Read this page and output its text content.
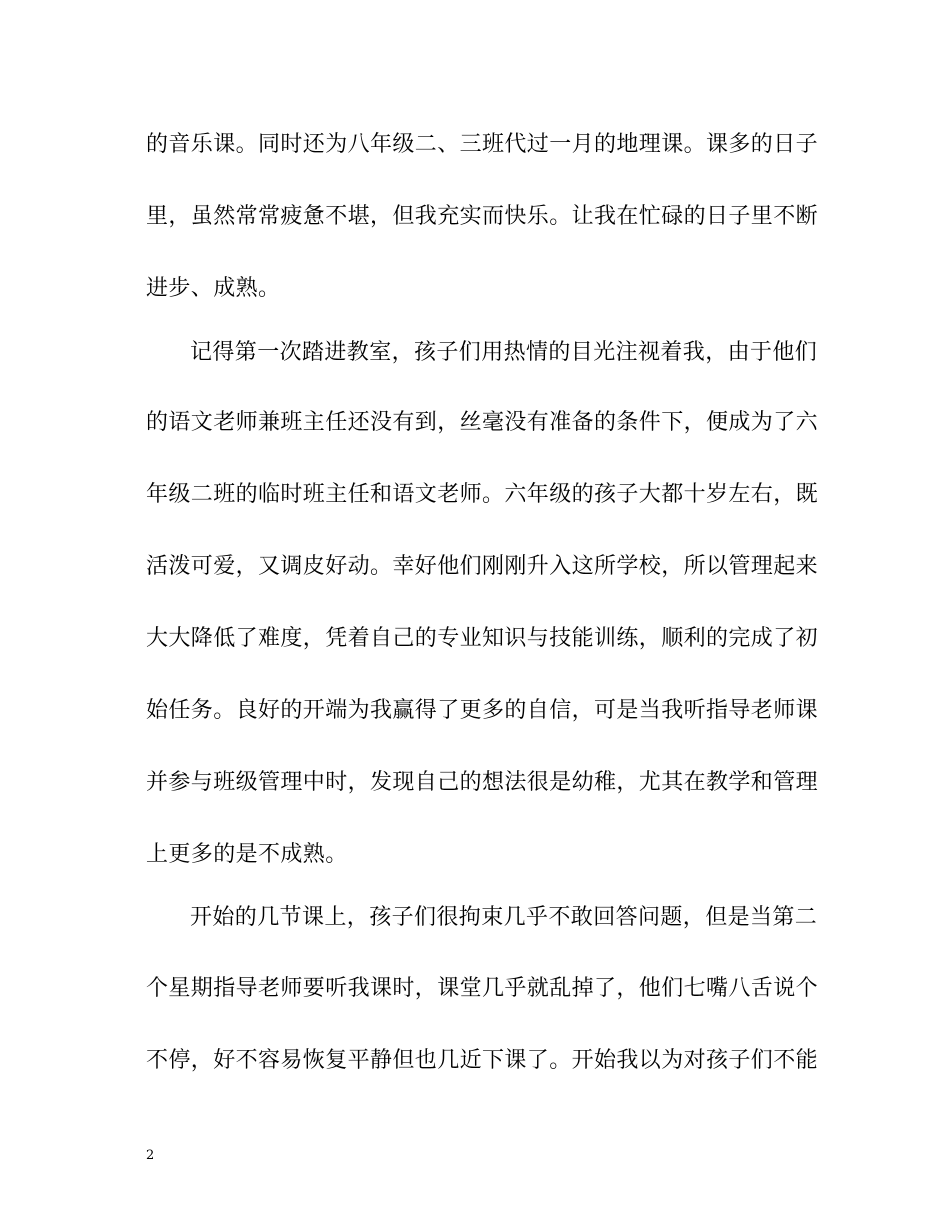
的音乐课。同时还为八年级二、三班代过一月的地理课。课多的日子
里，虽然常常疲惫不堪，但我充实而快乐。让我在忙碌的日子里不断
进步、成熟。
记得第一次踏进教室，孩子们用热情的目光注视着我，由于他们
的语文老师兼班主任还没有到，丝毫没有准备的条件下，便成为了六
年级二班的临时班主任和语文老师。六年级的孩子大都十岁左右，既
活泼可爱，又调皮好动。幸好他们刚刚升入这所学校，所以管理起来
大大降低了难度，凭着自己的专业知识与技能训练，顺利的完成了初
始任务。良好的开端为我赢得了更多的自信，可是当我听指导老师课
并参与班级管理中时，发现自己的想法很是幼稚，尤其在教学和管理
上更多的是不成熟。
开始的几节课上，孩子们很拘束几乎不敢回答问题，但是当第二
个星期指导老师要听我课时，课堂几乎就乱掉了，他们七嘴八舌说个
不停，好不容易恢复平静但也几近下课了。开始我以为对孩子们不能
2
